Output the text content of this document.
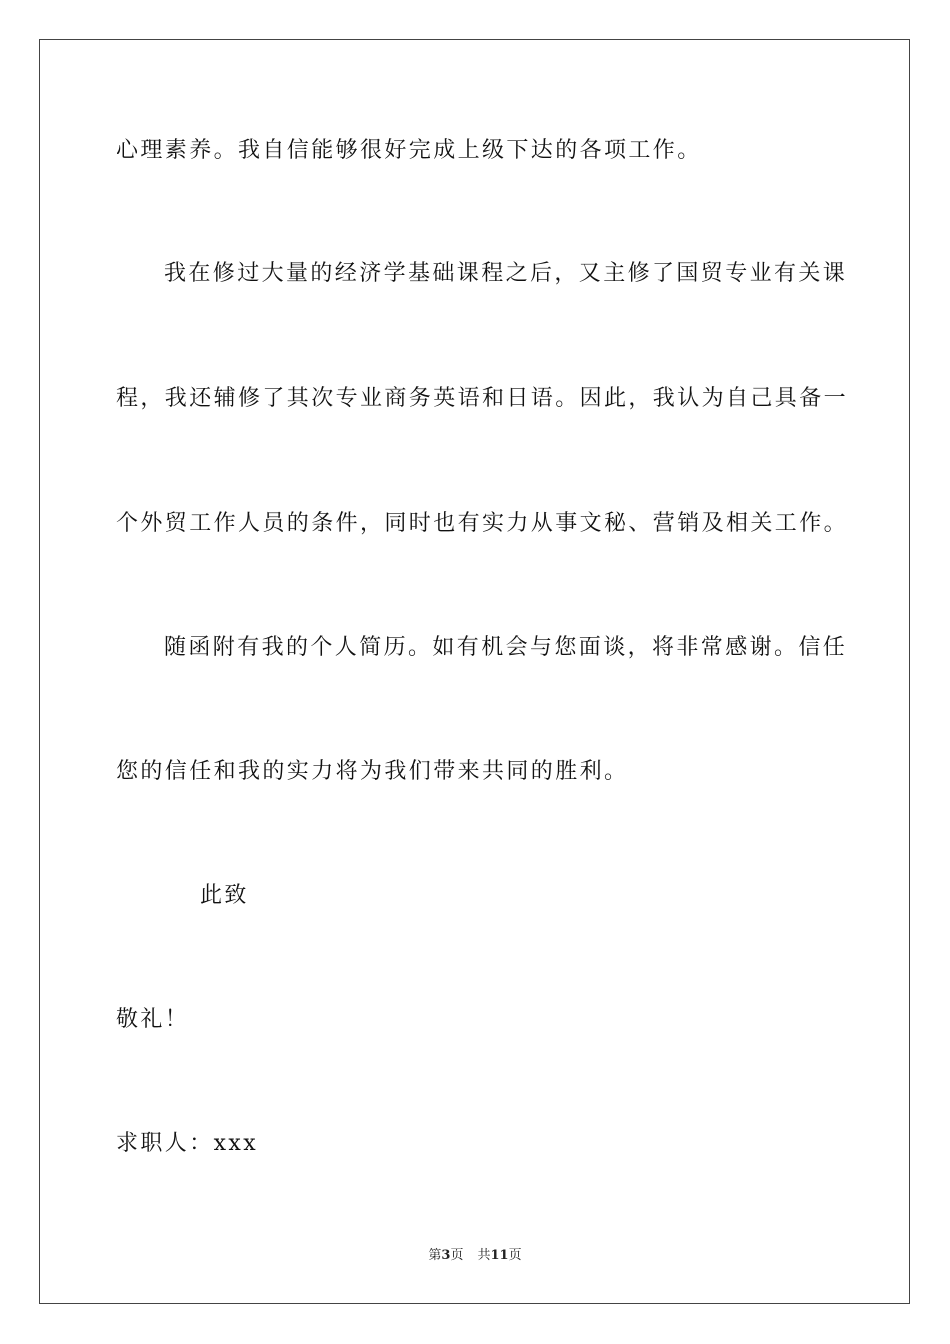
心理素养。我自信能够很好完成上级下达的各项工作。
我在修过大量的经济学基础课程之后，又主修了国贸专业有关课
程，我还辅修了其次专业商务英语和日语。因此，我认为自己具备一
个外贸工作人员的条件，同时也有实力从事文秘、营销及相关工作。
随函附有我的个人简历。如有机会与您面谈，将非常感谢。信任
您的信任和我的实力将为我们带来共同的胜利。
此致
敬礼！
求职人：xxx
第3页 共11页
